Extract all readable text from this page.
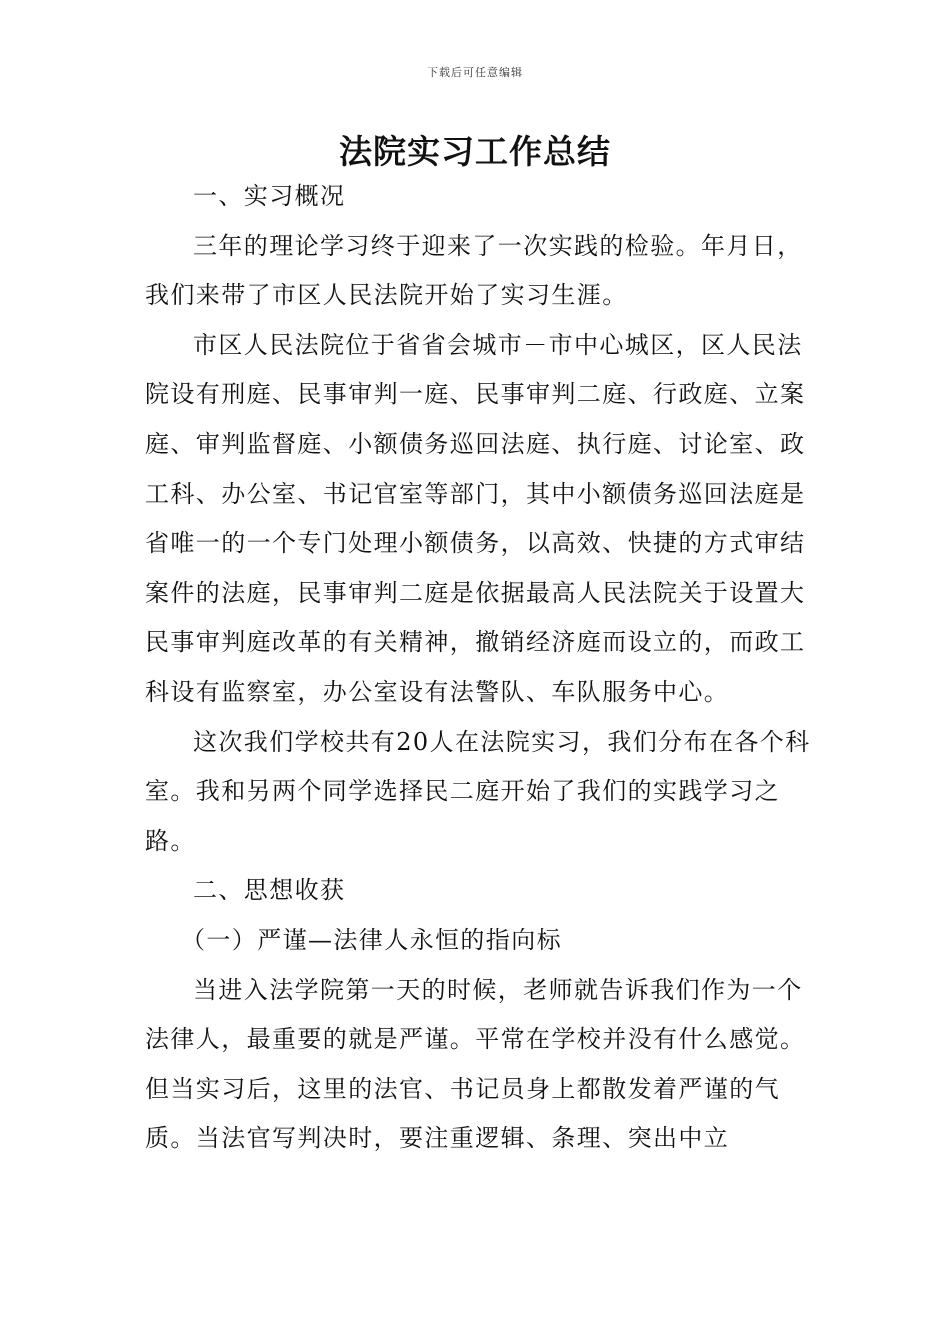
下载后可任意编辑
法院实习工作总结

一、实习概况

三年的理论学习终于迎来了一次实践的检验。年月日，我们来带了市区人民法院开始了实习生涯。

市区人民法院位于省省会城市－市中心城区，区人民法院设有刑庭、民事审判一庭、民事审判二庭、行政庭、立案庭、审判监督庭、小额债务巡回法庭、执行庭、讨论室、政工科、办公室、书记官室等部门，其中小额债务巡回法庭是省唯一的一个专门处理小额债务，以高效、快捷的方式审结案件的法庭，民事审判二庭是依据最高人民法院关于设置大民事审判庭改革的有关精神，撤销经济庭而设立的，而政工科设有监察室，办公室设有法警队、车队服务中心。

这次我们学校共有20人在法院实习，我们分布在各个科室。我和另两个同学选择民二庭开始了我们的实践学习之路。

二、思想收获

（一）严谨—法律人永恒的指向标

当进入法学院第一天的时候，老师就告诉我们作为一个法律人，最重要的就是严谨。平常在学校并没有什么感觉。但当实习后，这里的法官、书记员身上都散发着严谨的气质。当法官写判决时，要注重逻辑、条理、突出中立
